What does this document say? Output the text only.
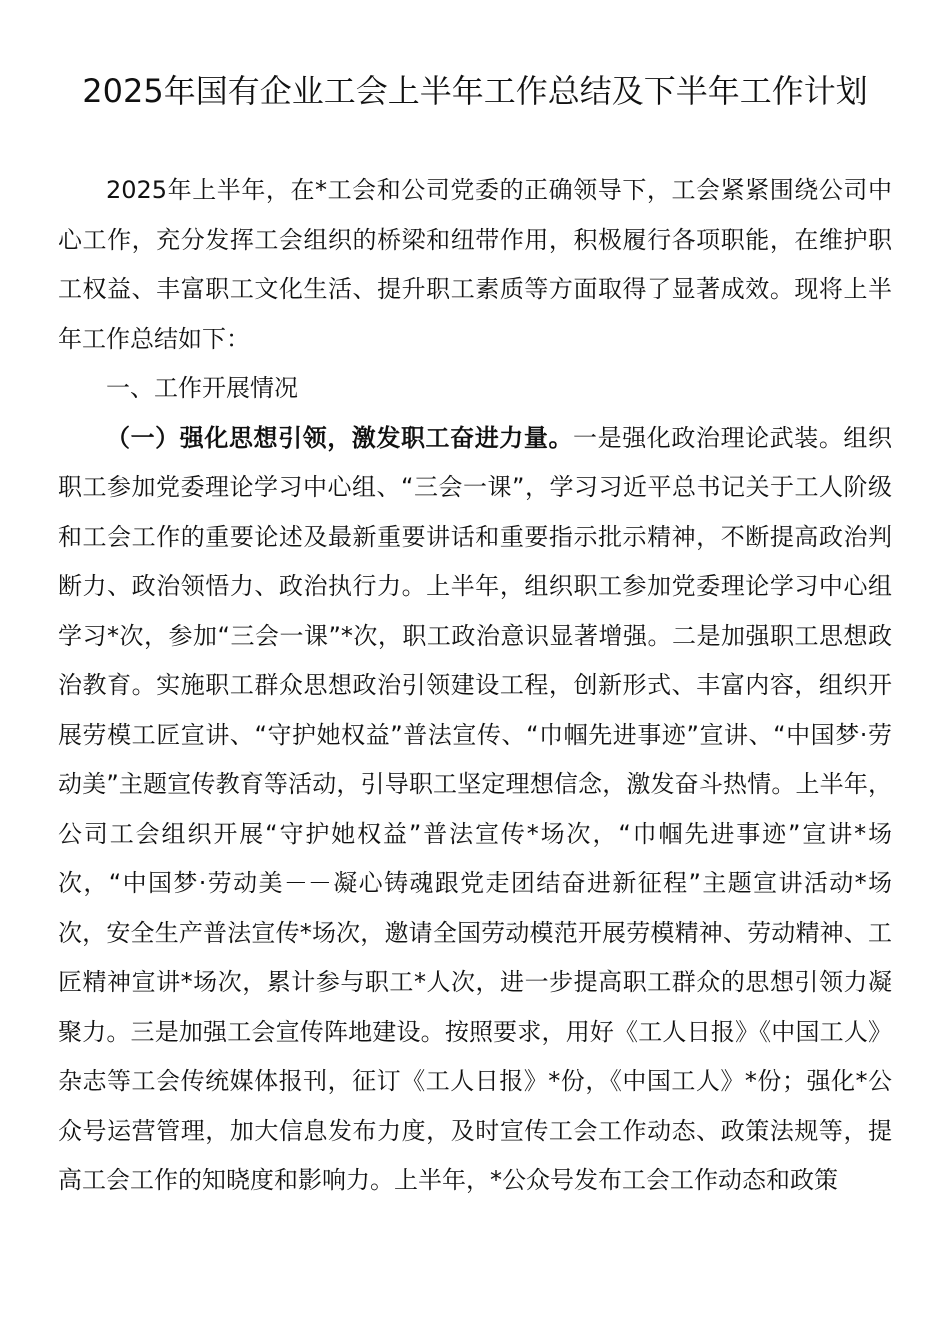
2025年国有企业工会上半年工作总结及下半年工作计划

2025年上半年，在*工会和公司党委的正确领导下，工会紧紧围绕公司中心工作，充分发挥工会组织的桥梁和纽带作用，积极履行各项职能，在维护职工权益、丰富职工文化生活、提升职工素质等方面取得了显著成效。现将上半年工作总结如下：

一、工作开展情况

（一）强化思想引领，激发职工奋进力量。一是强化政治理论武装。组织职工参加党委理论学习中心组、“三会一课”，学习习近平总书记关于工人阶级和工会工作的重要论述及最新重要讲话和重要指示批示精神，不断提高政治判断力、政治领悟力、政治执行力。上半年，组织职工参加党委理论学习中心组学习*次，参加“三会一课”*次，职工政治意识显著增强。二是加强职工思想政治教育。实施职工群众思想政治引领建设工程，创新形式、丰富内容，组织开展劳模工匠宣讲、“守护她权益”普法宣传、“巾帼先进事迹”宣讲、“中国梦·劳动美”主题宣传教育等活动，引导职工坚定理想信念，激发奋斗热情。上半年，公司工会组织开展“守护她权益”普法宣传*场次，“巾帼先进事迹”宣讲*场次，“中国梦·劳动美－－凝心铸魂跟党走团结奋进新征程”主题宣讲活动*场次，安全生产普法宣传*场次，邀请全国劳动模范开展劳模精神、劳动精神、工匠精神宣讲*场次，累计参与职工*人次，进一步提高职工群众的思想引领力凝聚力。三是加强工会宣传阵地建设。按照要求，用好《工人日报》《中国工人》杂志等工会传统媒体报刊，征订《工人日报》*份，《中国工人》*份；强化*公众号运营管理，加大信息发布力度，及时宣传工会工作动态、政策法规等，提高工会工作的知晓度和影响力。上半年，*公众号发布工会工作动态和政策
